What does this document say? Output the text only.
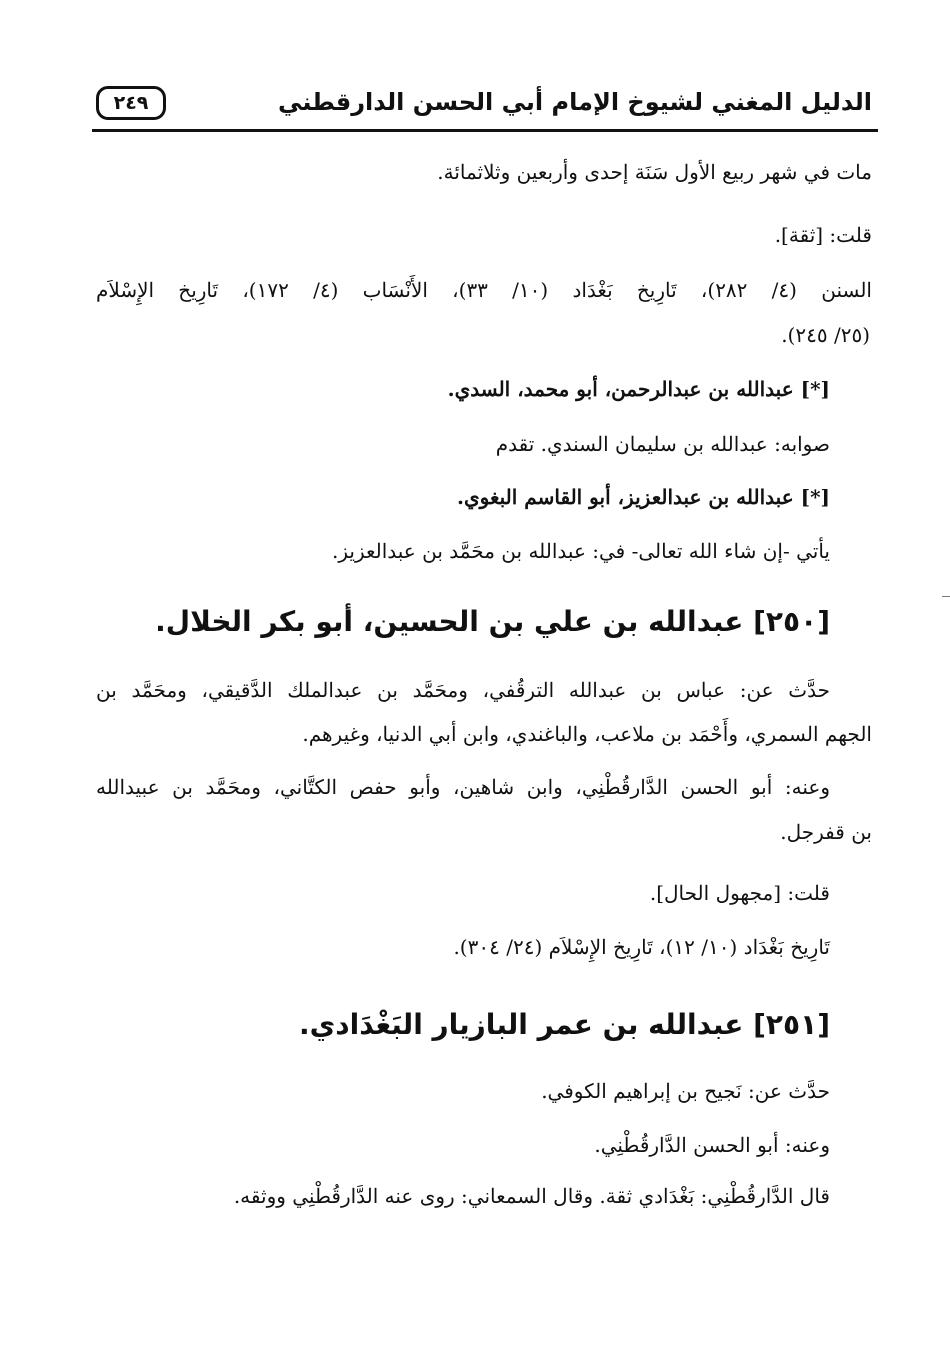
الدليل المغني لشيوخ الإمام أبي الحسن الدارقطني
٢٤٩
مات في شهر ربيع الأول سَنَة إحدى وأربعين وثلاثمائة.
قلت: [ثقة].
السنن (٤/ ٢٨٢)، تَارِيخ بَغْدَاد (١٠/ ٣٣)، الأَنْسَاب (٤/ ١٧٢)، تَارِيخ الإِسْلاَم
(٢٥/ ٢٤٥).
[*] عبدالله بن عبدالرحمن، أبو محمد، السدي.
صوابه: عبدالله بن سليمان السندي. تقدم
[*] عبدالله بن عبدالعزيز، أبو القاسم البغوي.
يأتي -إن شاء الله تعالى- في: عبدالله بن محَمَّد بن عبدالعزيز.
[٢٥٠] عبدالله بن علي بن الحسين، أبو بكر الخلال.
حدَّث عن: عباس بن عبدالله الترقُفي، ومحَمَّد بن عبدالملك الدَّقيقي، ومحَمَّد بن
الجهم السمري، وأَحْمَد بن ملاعب، والباغندي، وابن أبي الدنيا، وغيرهم.
وعنه: أبو الحسن الدَّارقُطْنِي، وابن شاهين، وأبو حفص الكتَّاني، ومحَمَّد بن عبيدالله
بن قفرجل.
قلت: [مجهول الحال].
تَارِيخ بَغْدَاد (١٠/ ١٢)، تَارِيخ الإِسْلاَم (٢٤/ ٣٠٤).
[٢٥١] عبدالله بن عمر البازيار البَغْدَادي.
حدَّث عن: نَجيح بن إبراهيم الكوفي.
وعنه: أبو الحسن الدَّارقُطْنِي.
قال الدَّارقُطْنِي: بَغْدَادي ثقة. وقال السمعاني: روى عنه الدَّارقُطْنِي ووثقه.
